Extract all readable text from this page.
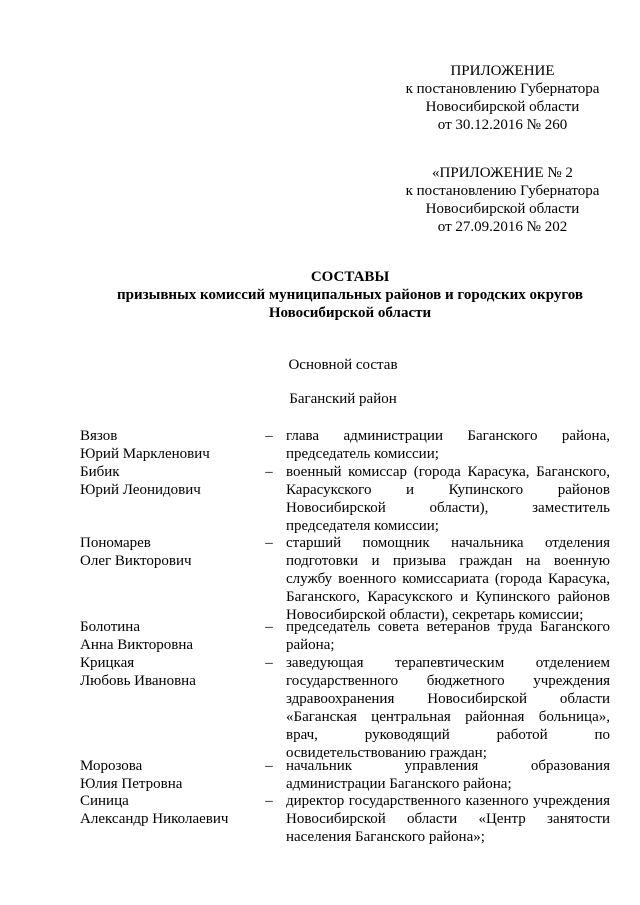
ПРИЛОЖЕНИЕ
к постановлению Губернатора
Новосибирской области
от 30.12.2016 № 260
«ПРИЛОЖЕНИЕ № 2
к постановлению Губернатора
Новосибирской области
от 27.09.2016 № 202
СОСТАВЫ
призывных комиссий муниципальных районов и городских округов
Новосибирской области
Основной состав
Баганский район
Вязов
Юрий Маркленович
– глава администрации Баганского района, председатель комиссии;
Бибик
Юрий Леонидович
– военный комиссар (города Карасука, Баганского, Карасукского и Купинского районов Новосибирской области), заместитель председателя комиссии;
Пономарев
Олег Викторович
– старший помощник начальника отделения подготовки и призыва граждан на военную службу военного комиссариата (города Карасука, Баганского, Карасукского и Купинского районов Новосибирской области), секретарь комиссии;
Болотина
Анна Викторовна
– председатель совета ветеранов труда Баганского района;
Крицкая
Любовь Ивановна
– заведующая терапевтическим отделением государственного бюджетного учреждения здравоохранения Новосибирской области «Баганская центральная районная больница», врач, руководящий работой по освидетельствованию граждан;
Морозова
Юлия Петровна
– начальник управления образования администрации Баганского района;
Синица
Александр Николаевич
– директор государственного казенного учреждения Новосибирской области «Центр занятости населения Баганского района»;
